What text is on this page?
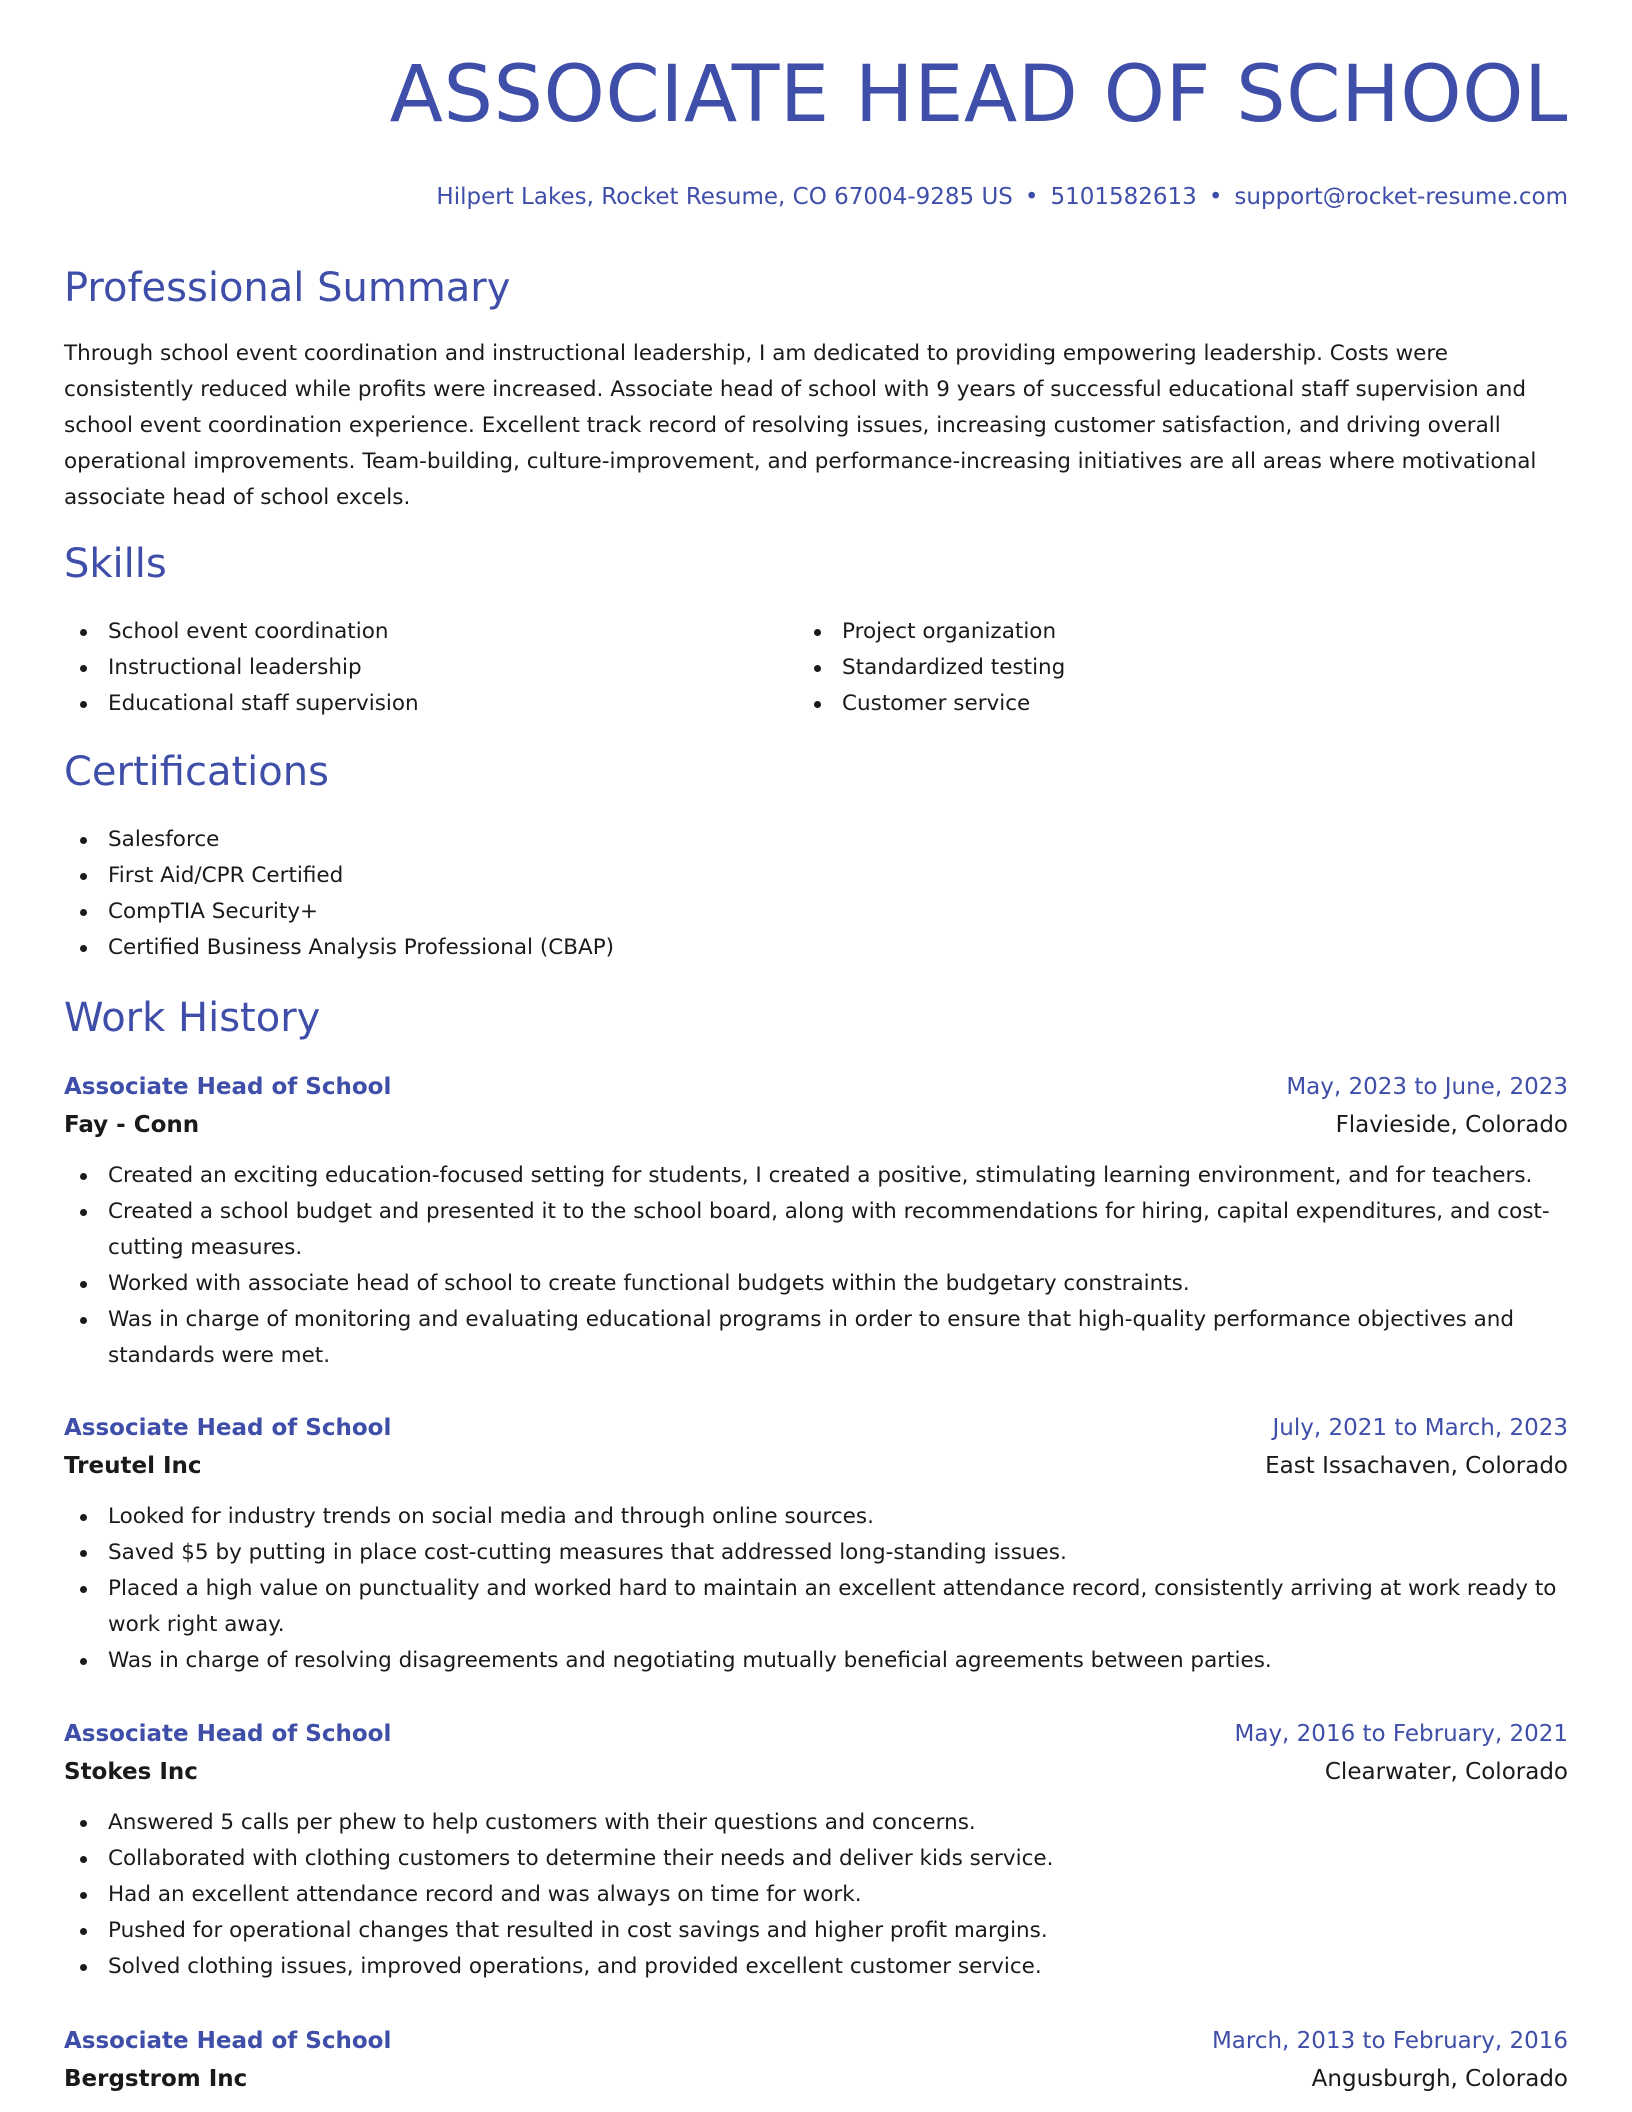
ASSOCIATE HEAD OF SCHOOL
Hilpert Lakes, Rocket Resume, CO 67004-9285 US • 5101582613 • support@rocket-resume.com
Professional Summary

Through school event coordination and instructional leadership, I am dedicated to providing empowering leadership. Costs were consistently reduced while profits were increased. Associate head of school with 9 years of successful educational staff supervision and school event coordination experience. Excellent track record of resolving issues, increasing customer satisfaction, and driving overall operational improvements. Team-building, culture-improvement, and performance-increasing initiatives are all areas where motivational associate head of school excels.

Skills
School event coordination
Instructional leadership
Educational staff supervision
Project organization
Standardized testing
Customer service
Certifications
Salesforce
First Aid/CPR Certified
CompTIA Security+
Certified Business Analysis Professional (CBAP)
Work History
Associate Head of School	May, 2023 to June, 2023
Fay - Conn	Flavieside, Colorado
Created an exciting education-focused setting for students, I created a positive, stimulating learning environment, and for teachers.
Created a school budget and presented it to the school board, along with recommendations for hiring, capital expenditures, and cost-cutting measures.
Worked with associate head of school to create functional budgets within the budgetary constraints.
Was in charge of monitoring and evaluating educational programs in order to ensure that high-quality performance objectives and standards were met.
Associate Head of School	July, 2021 to March, 2023
Treutel Inc	East Issachaven, Colorado
Looked for industry trends on social media and through online sources.
Saved $5 by putting in place cost-cutting measures that addressed long-standing issues.
Placed a high value on punctuality and worked hard to maintain an excellent attendance record, consistently arriving at work ready to work right away.
Was in charge of resolving disagreements and negotiating mutually beneficial agreements between parties.
Associate Head of School	May, 2016 to February, 2021
Stokes Inc	Clearwater, Colorado
Answered 5 calls per phew to help customers with their questions and concerns.
Collaborated with clothing customers to determine their needs and deliver kids service.
Had an excellent attendance record and was always on time for work.
Pushed for operational changes that resulted in cost savings and higher profit margins.
Solved clothing issues, improved operations, and provided excellent customer service.
Associate Head of School	March, 2013 to February, 2016
Bergstrom Inc	Angusburgh, Colorado
